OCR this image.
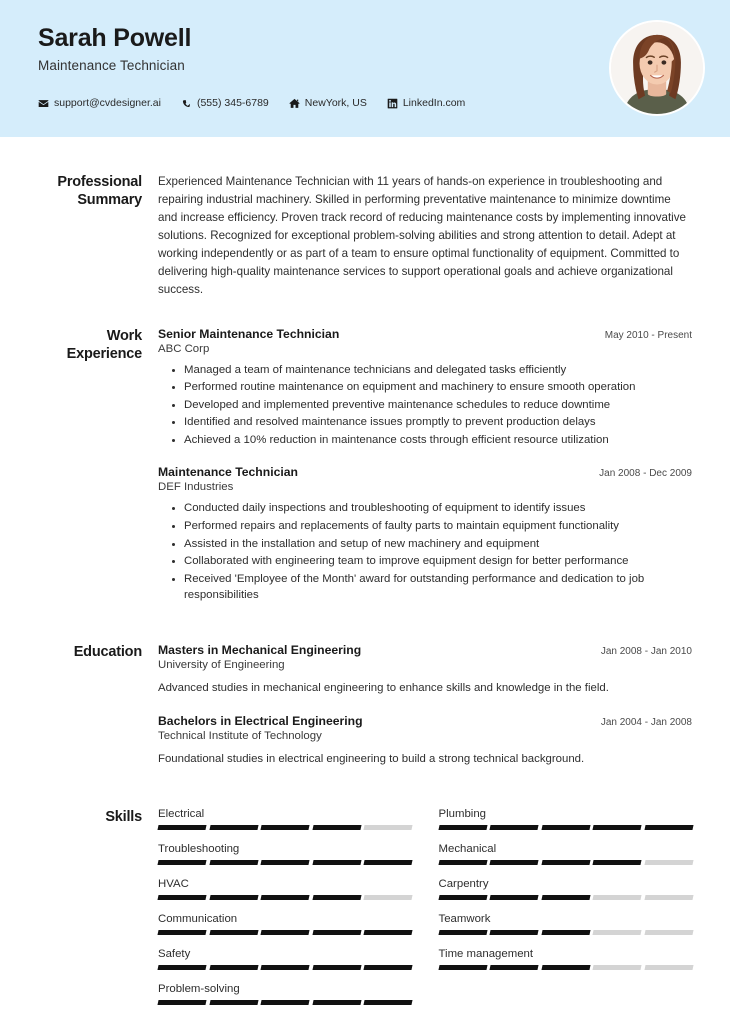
Sarah Powell
Maintenance Technician
support@cvdesigner.ai	(555) 345-6789	NewYork, US	LinkedIn.com
Professional Summary
Experienced Maintenance Technician with 11 years of hands-on experience in troubleshooting and repairing industrial machinery. Skilled in performing preventative maintenance to minimize downtime and increase efficiency. Proven track record of reducing maintenance costs by implementing innovative solutions. Recognized for exceptional problem-solving abilities and strong attention to detail. Adept at working independently or as part of a team to ensure optimal functionality of equipment. Committed to delivering high-quality maintenance services to support operational goals and achieve organizational success.
Work Experience
Senior Maintenance Technician	May 2010 - Present
ABC Corp
• Managed a team of maintenance technicians and delegated tasks efficiently
• Performed routine maintenance on equipment and machinery to ensure smooth operation
• Developed and implemented preventive maintenance schedules to reduce downtime
• Identified and resolved maintenance issues promptly to prevent production delays
• Achieved a 10% reduction in maintenance costs through efficient resource utilization
Maintenance Technician	Jan 2008 - Dec 2009
DEF Industries
• Conducted daily inspections and troubleshooting of equipment to identify issues
• Performed repairs and replacements of faulty parts to maintain equipment functionality
• Assisted in the installation and setup of new machinery and equipment
• Collaborated with engineering team to improve equipment design for better performance
• Received 'Employee of the Month' award for outstanding performance and dedication to job responsibilities
Education	Masters in Mechanical Engineering	Jan 2008 - Jan 2010
University of Engineering
Advanced studies in mechanical engineering to enhance skills and knowledge in the field.
Bachelors in Electrical Engineering	Jan 2004 - Jan 2008
Technical Institute of Technology
Foundational studies in electrical engineering to build a strong technical background.
Skills	Electrical	Plumbing
Troubleshooting	Mechanical
HVAC	Carpentry
Communication	Teamwork
Safety	Time management
Problem-solving
